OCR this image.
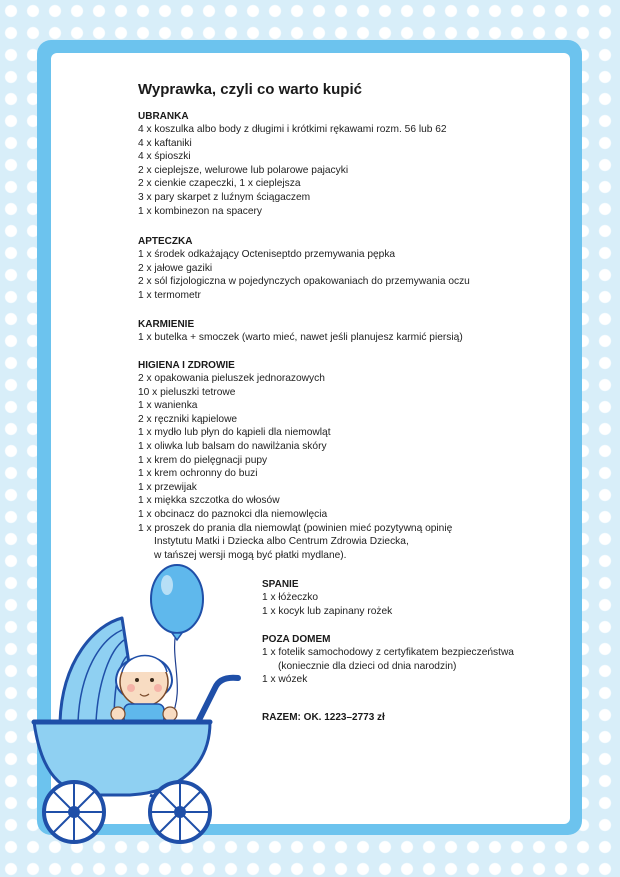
Wyprawka, czyli co warto kupić
UBRANKA
4 x koszulka albo body z długimi i krótkimi rękawami rozm. 56 lub 62
4 x kaftaniki
4 x śpioszki
2 x cieplejsze, welurowe lub polarowe pajacyki
2 x cienkie czapeczki, 1 x cieplejsza
3 x pary skarpet z luźnym ściągaczem
1 x kombinezon na spacery
APTECZKA
1 x środek odkażający Octeniseptdo przemywania pępka
2 x jałowe gaziki
2 x sól fizjologiczna w pojedynczych opakowaniach do przemywania oczu
1 x termometr
KARMIENIE
1 x butelka + smoczek (warto mieć, nawet jeśli planujesz karmić piersią)
HIGIENA I ZDROWIE
2 x opakowania pieluszek jednorazowych
10 x pieluszki tetrowe
1 x wanienka
2 x ręczniki kąpielowe
1 x mydło lub płyn do kąpieli dla niemowląt
1 x oliwka lub balsam do nawilżania skóry
1 x krem do pielęgnacji pupy
1 x krem ochronny do buzi
1 x przewijak
1 x miękka szczotka do włosów
1 x obcinacz do paznokci dla niemowlęcia
1 x proszek do prania dla niemowląt (powinien mieć pozytywną opinię
Instytutu Matki i Dziecka albo Centrum Zdrowia Dziecka,
w tańszej wersji mogą być płatki mydlane).
SPANIE
1 x łóżeczko
1 x kocyk lub zapinany rożek
POZA DOMEM
1 x fotelik samochodowy z certyfikatem bezpieczeństwa
(koniecznie dla dzieci od dnia narodzin)
1 x wózek

RAZEM: OK. 1223–2773 zł
